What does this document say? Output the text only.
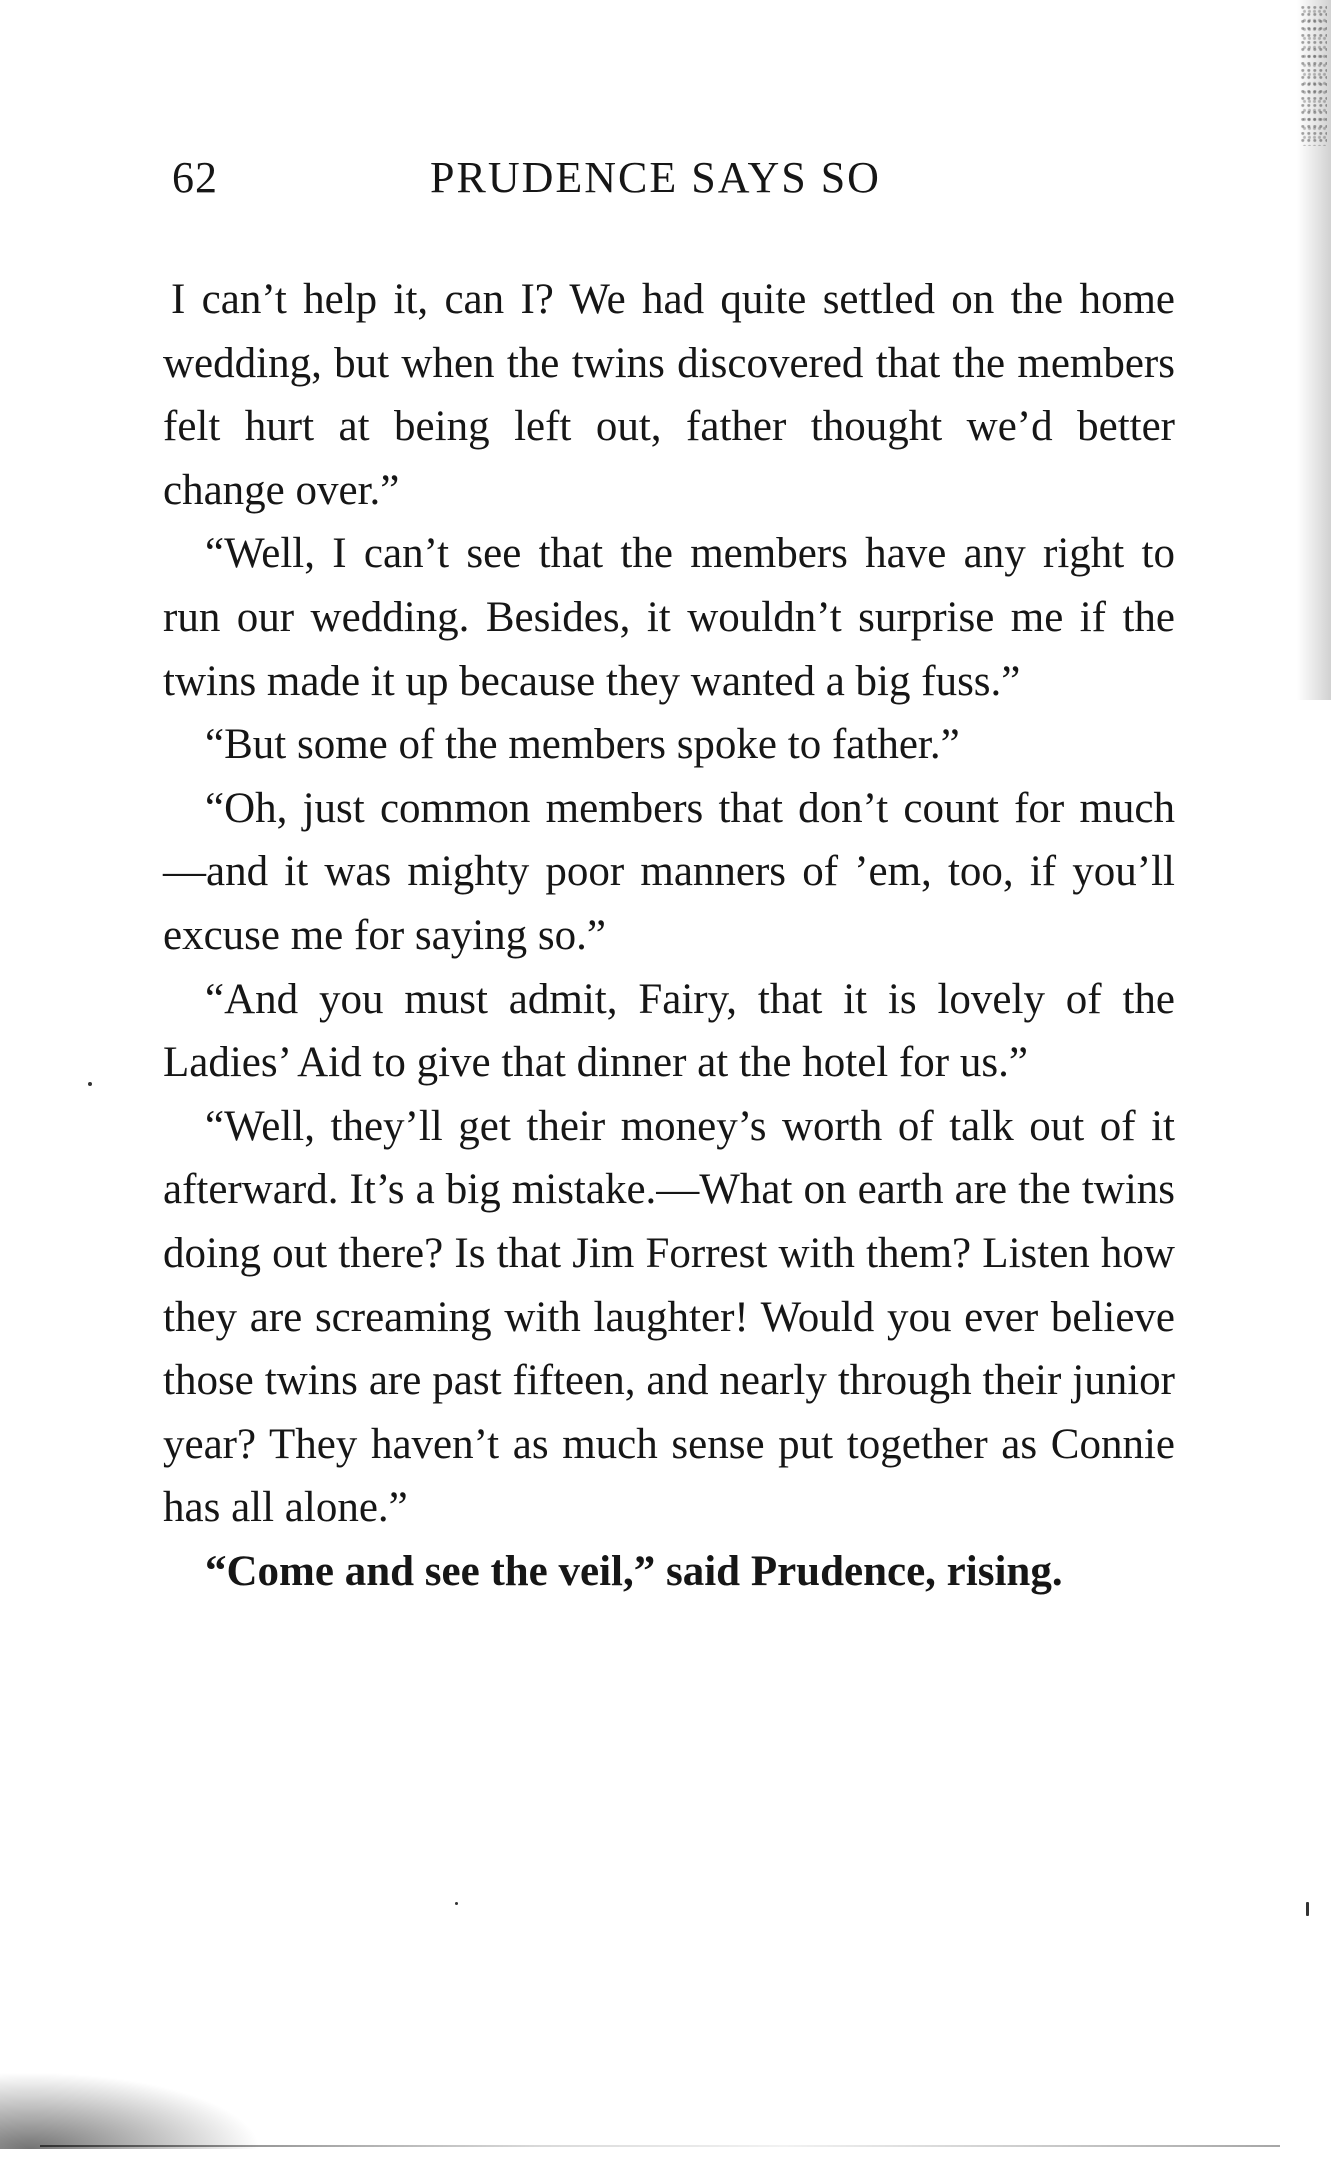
62	PRUDENCE SAYS SO

I can’t help it, can I? We had quite settled on the home wedding, but when the twins discovered that the members felt hurt at being left out, father thought we’d better change over.”

“Well, I can’t see that the members have any right to run our wedding. Besides, it wouldn’t surprise me if the twins made it up because they wanted a big fuss.”

“But some of the members spoke to father.”

“Oh, just common members that don’t count for much—and it was mighty poor manners of ’em, too, if you’ll excuse me for saying so.”

“And you must admit, Fairy, that it is lovely of the Ladies’ Aid to give that dinner at the hotel for us.”

“Well, they’ll get their money’s worth of talk out of it afterward. It’s a big mistake.—What on earth are the twins doing out there? Is that Jim Forrest with them? Listen how they are screaming with laughter! Would you ever believe those twins are past fifteen, and nearly through their junior year? They haven’t as much sense put together as Connie has all alone.”

“Come and see the veil,” said Prudence, rising.
